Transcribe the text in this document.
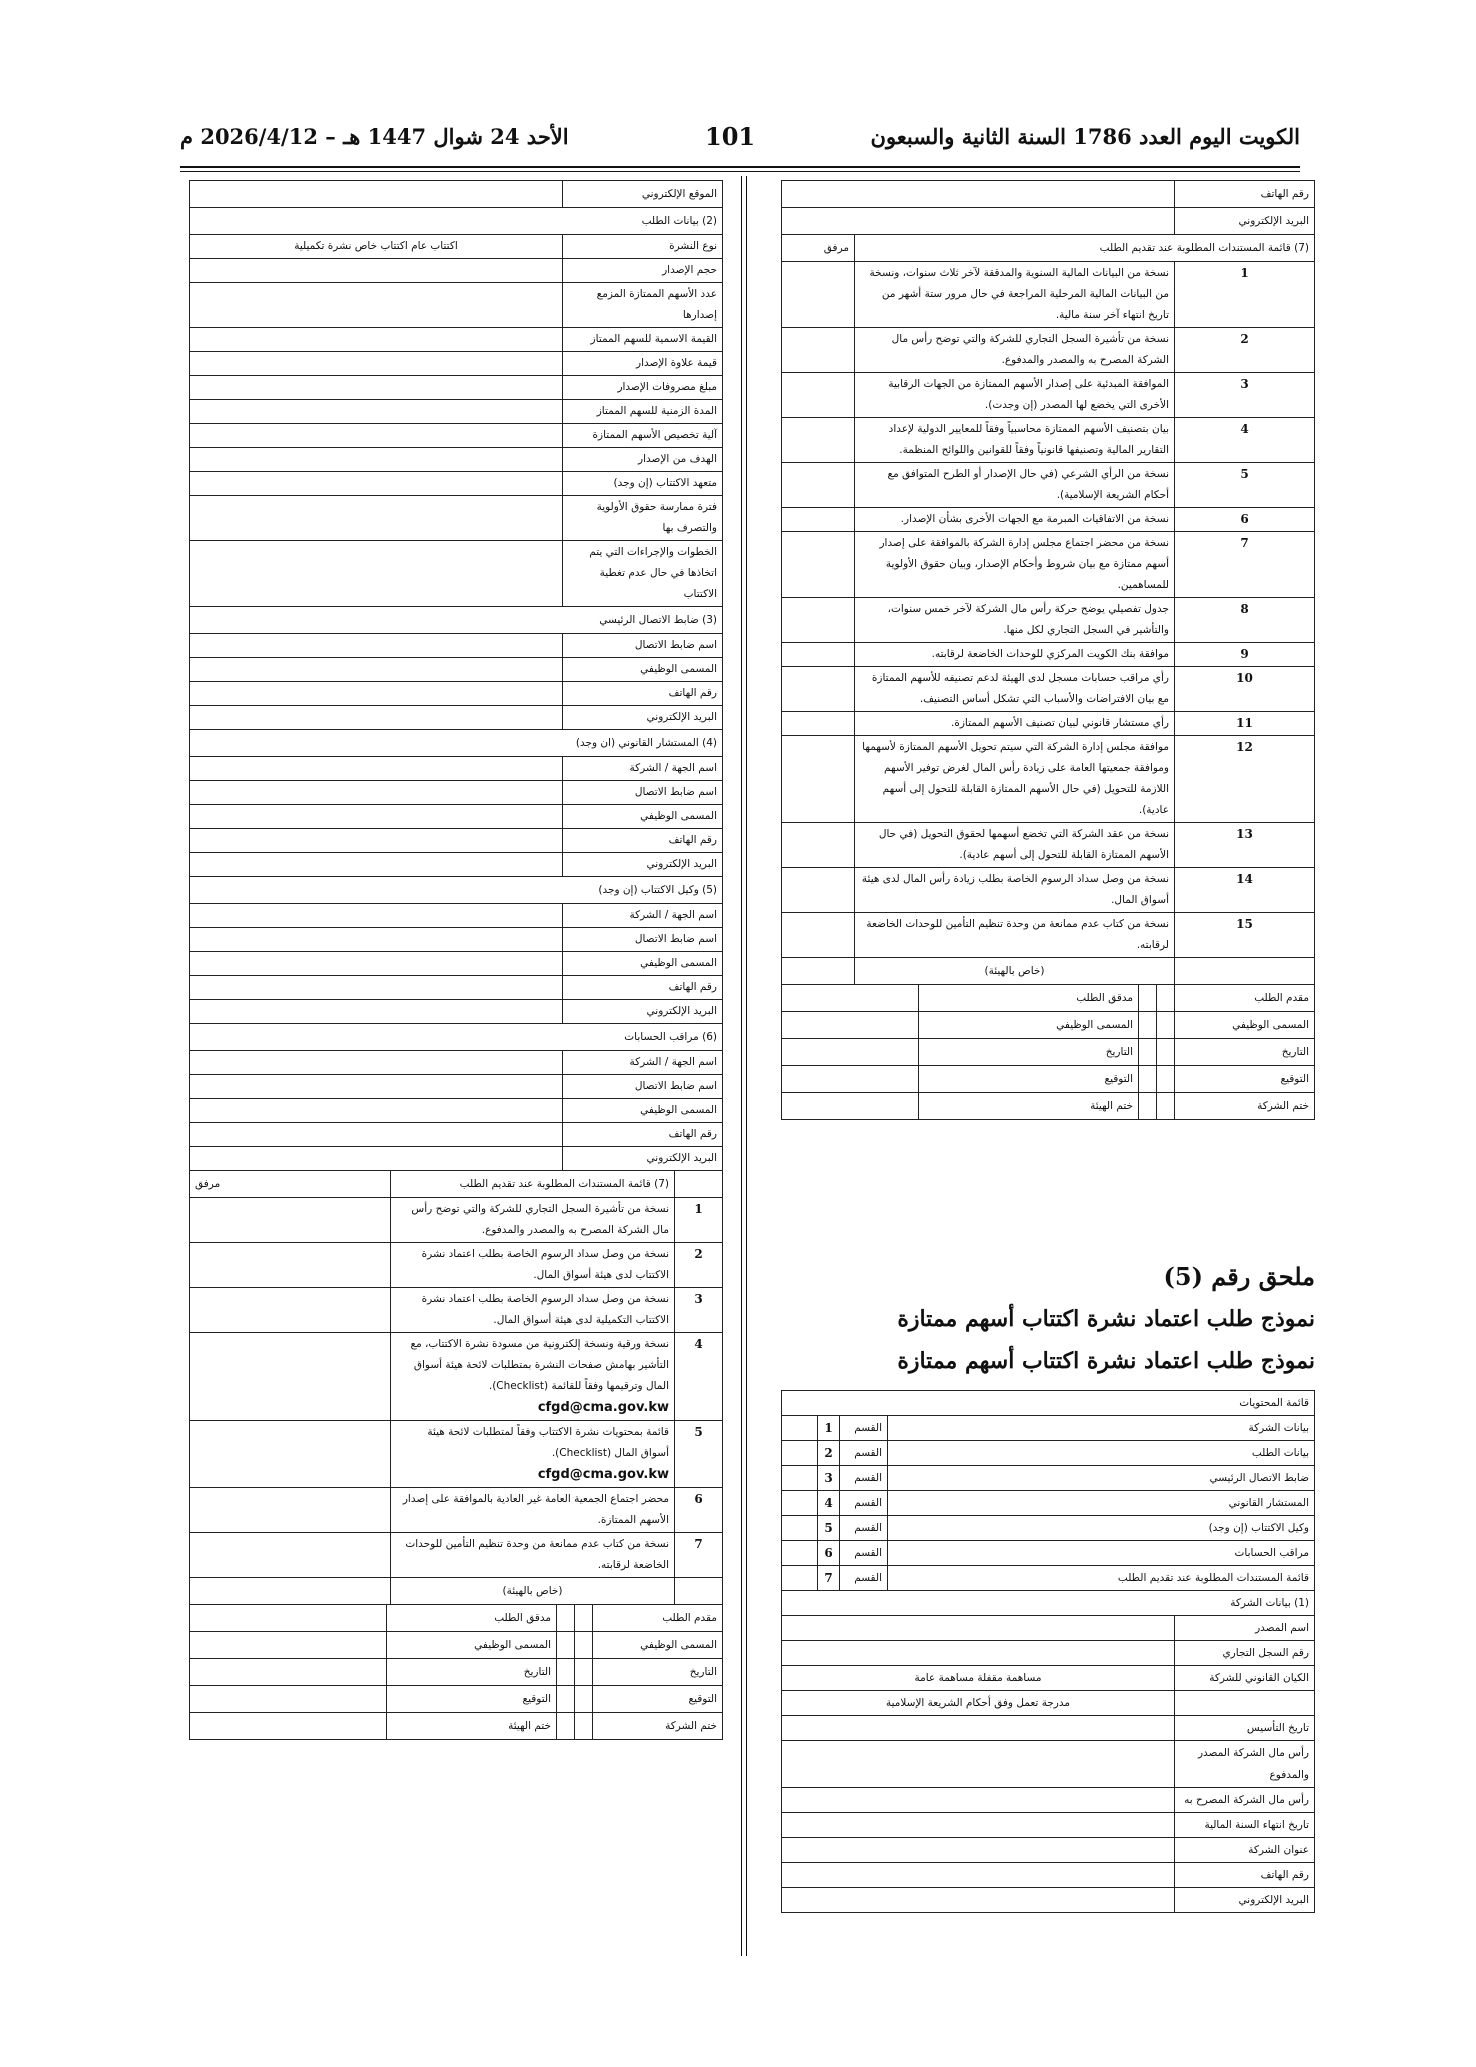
الكويت اليوم العدد 1786 السنة الثانية والسبعون
101
الأحد 24 شوال 1447 هـ – 2026/4/12 م
رقم الهاتف		
البريد الإلكتروني		
(7) قائمة المستندات المطلوبة عند تقديم الطلب		مرفق
1	نسخة من البيانات المالية السنوية والمدققة لآخر ثلاث سنوات، ونسخة من البيانات المالية المرحلية المراجعة في حال مرور ستة أشهر من تاريخ انتهاء آخر سنة مالية.	
2	نسخة من تأشيرة السجل التجاري للشركة والتي توضح رأس مال الشركة المصرح به والمصدر والمدفوع.	
3	الموافقة المبدئية على إصدار الأسهم الممتازة من الجهات الرقابية الأخرى التي يخضع لها المصدر (إن وجدت).	
4	بيان بتصنيف الأسهم الممتازة محاسبياً وفقاً للمعايير الدولية لإعداد التقارير المالية وتصنيفها قانونياً وفقاً للقوانين واللوائح المنظمة.	
5	نسخة من الرأي الشرعي (في حال الإصدار أو الطرح المتوافق مع أحكام الشريعة الإسلامية).	
6	نسخة من الاتفاقيات المبرمة مع الجهات الأخرى بشأن الإصدار.	
7	نسخة من محضر اجتماع مجلس إدارة الشركة بالموافقة على إصدار أسهم ممتازة مع بيان شروط وأحكام الإصدار، وبيان حقوق الأولوية للمساهمين.	
8	جدول تفصيلي يوضح حركة رأس مال الشركة لآخر خمس سنوات، والتأشير في السجل التجاري لكل منها.	
9	موافقة بنك الكويت المركزي للوحدات الخاضعة لرقابته.	
10	رأي مراقب حسابات مسجل لدى الهيئة لدعم تصنيفه للأسهم الممتازة مع بيان الافتراضات والأسباب التي تشكل أساس التصنيف.	
11	رأي مستشار قانوني لبيان تصنيف الأسهم الممتازة.	
12	موافقة مجلس إدارة الشركة التي سيتم تحويل الأسهم الممتازة لأسهمها وموافقة جمعيتها العامة على زيادة رأس المال لغرض توفير الأسهم اللازمة للتحويل (في حال الأسهم الممتازة القابلة للتحول إلى أسهم عادية).	
13	نسخة من عقد الشركة التي تخضع أسهمها لحقوق التحويل (في حال الأسهم الممتازة القابلة للتحول إلى أسهم عادية).	
14	نسخة من وصل سداد الرسوم الخاصة بطلب زيادة رأس المال لدى هيئة أسواق المال.	
15	نسخة من كتاب عدم ممانعة من وحدة تنظيم التأمين للوحدات الخاضعة لرقابته.	
	(خاص بالهيئة)	
مقدم الطلب			مدقق الطلب	
المسمى الوظيفي			المسمى الوظيفي	
التاريخ			التاريخ	
التوقيع			التوقيع	
ختم الشركة			ختم الهيئة	
ملحق رقم (5)
نموذج طلب اعتماد نشرة اكتتاب أسهم ممتازة
نموذج طلب اعتماد نشرة اكتتاب أسهم ممتازة
قائمة المحتويات			
بيانات الشركة	القسم	1	
بيانات الطلب	القسم	2	
ضابط الاتصال الرئيسي	القسم	3	
المستشار القانوني	القسم	4	
وكيل الاكتتاب (إن وجد)	القسم	5	
مراقب الحسابات	القسم	6	
قائمة المستندات المطلوبة عند تقديم الطلب	القسم	7	
(1) بيانات الشركة	
اسم المصدر	
رقم السجل التجاري	
الكيان القانوني للشركة	مساهمة مقفلة مساهمة عامة
	مدرجة تعمل وفق أحكام الشريعة الإسلامية
تاريخ التأسيس	
رأس مال الشركة المصدر والمدفوع	
رأس مال الشركة المصرح به	
تاريخ انتهاء السنة المالية	
عنوان الشركة	
رقم الهاتف	
البريد الإلكتروني	
الموقع الإلكتروني	
(2) بيانات الطلب	
نوع النشرة	اكتتاب عام اكتتاب خاص نشرة تكميلية
حجم الإصدار	
عدد الأسهم الممتازة المزمع إصدارها	
القيمة الاسمية للسهم الممتاز	
قيمة علاوة الإصدار	
مبلغ مصروفات الإصدار	
المدة الزمنية للسهم الممتاز	
آلية تخصيص الأسهم الممتازة	
الهدف من الإصدار	
متعهد الاكتتاب (إن وجد)	
فترة ممارسة حقوق الأولوية والتصرف بها	
الخطوات والإجراءات التي يتم اتخاذها في حال عدم تغطية الاكتتاب	
(3) ضابط الاتصال الرئيسي	
اسم ضابط الاتصال	
المسمى الوظيفي	
رقم الهاتف	
البريد الإلكتروني	
(4) المستشار القانوني (ان وجد)	
اسم الجهة / الشركة	
اسم ضابط الاتصال	
المسمى الوظيفي	
رقم الهاتف	
البريد الإلكتروني	
(5) وكيل الاكتتاب (إن وجد)	
اسم الجهة / الشركة	
اسم ضابط الاتصال	
المسمى الوظيفي	
رقم الهاتف	
البريد الإلكتروني	
(6) مراقب الحسابات	
اسم الجهة / الشركة	
اسم ضابط الاتصال	
المسمى الوظيفي	
رقم الهاتف	
البريد الإلكتروني	
	(7) قائمة المستندات المطلوبة عند تقديم الطلب	مرفق
1	نسخة من تأشيرة السجل التجاري للشركة والتي توضح رأس مال الشركة المصرح به والمصدر والمدفوع.	
2	نسخة من وصل سداد الرسوم الخاصة بطلب اعتماد نشرة الاكتتاب لدى هيئة أسواق المال.	
3	نسخة من وصل سداد الرسوم الخاصة بطلب اعتماد نشرة الاكتتاب التكميلية لدى هيئة أسواق المال.	
4	نسخة ورقية ونسخة إلكترونية من مسودة نشرة الاكتتاب، مع التأشير بهامش صفحات النشرة بمتطلبات لائحة هيئة أسواق المال وترقيمها وفقاً للقائمة (Checklist).
cfgd@cma.gov.kw	
5	قائمة بمحتويات نشرة الاكتتاب وفقاً لمتطلبات لائحة هيئة أسواق المال (Checklist).
cfgd@cma.gov.kw	
6	محضر اجتماع الجمعية العامة غير العادية بالموافقة على إصدار الأسهم الممتازة.	
7	نسخة من كتاب عدم ممانعة من وحدة تنظيم التأمين للوحدات الخاضعة لرقابته.	
	(خاص بالهيئة)	
مقدم الطلب			مدقق الطلب	
المسمى الوظيفي			المسمى الوظيفي	
التاريخ			التاريخ	
التوقيع			التوقيع	
ختم الشركة			ختم الهيئة	
